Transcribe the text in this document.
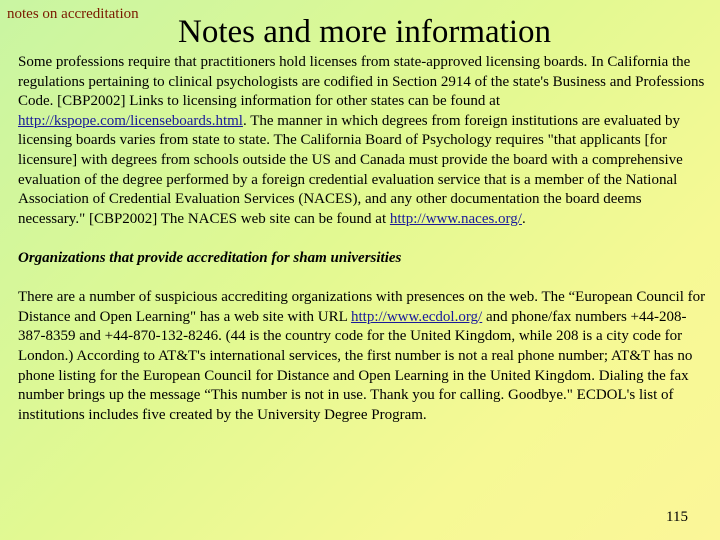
notes on accreditation Notes and more information

Some professions require that practitioners hold licenses from state-approved licensing boards. In California the regulations pertaining to clinical psychologists are codified in Section 2914 of the state's Business and Professions Code. [CBP2002] Links to licensing information for other states can be found at http://kspope.com/licenseboards.html. The manner in which degrees from foreign institutions are evaluated by licensing boards varies from state to state. The California Board of Psychology requires "that applicants [for licensure] with degrees from schools outside the US and Canada must provide the board with a comprehensive evaluation of the degree performed by a foreign credential evaluation service that is a member of the National Association of Credential Evaluation Services (NACES), and any other documentation the board deems necessary." [CBP2002] The NACES web site can be found at http://www.naces.org/.

Organizations that provide accreditation for sham universities

There are a number of suspicious accrediting organizations with presences on the web. The “European Council for Distance and Open Learning" has a web site with URL http://www.ecdol.org/ and phone/fax numbers +44-208-387-8359 and +44-870-132-8246. (44 is the country code for the United Kingdom, while 208 is a city code for London.) According to AT&T's international services, the first number is not a real phone number; AT&T has no phone listing for the European Council for Distance and Open Learning in the United Kingdom. Dialing the fax number brings up the message “This number is not in use. Thank you for calling. Goodbye." ECDOL's list of institutions includes five created by the University Degree Program.

115
